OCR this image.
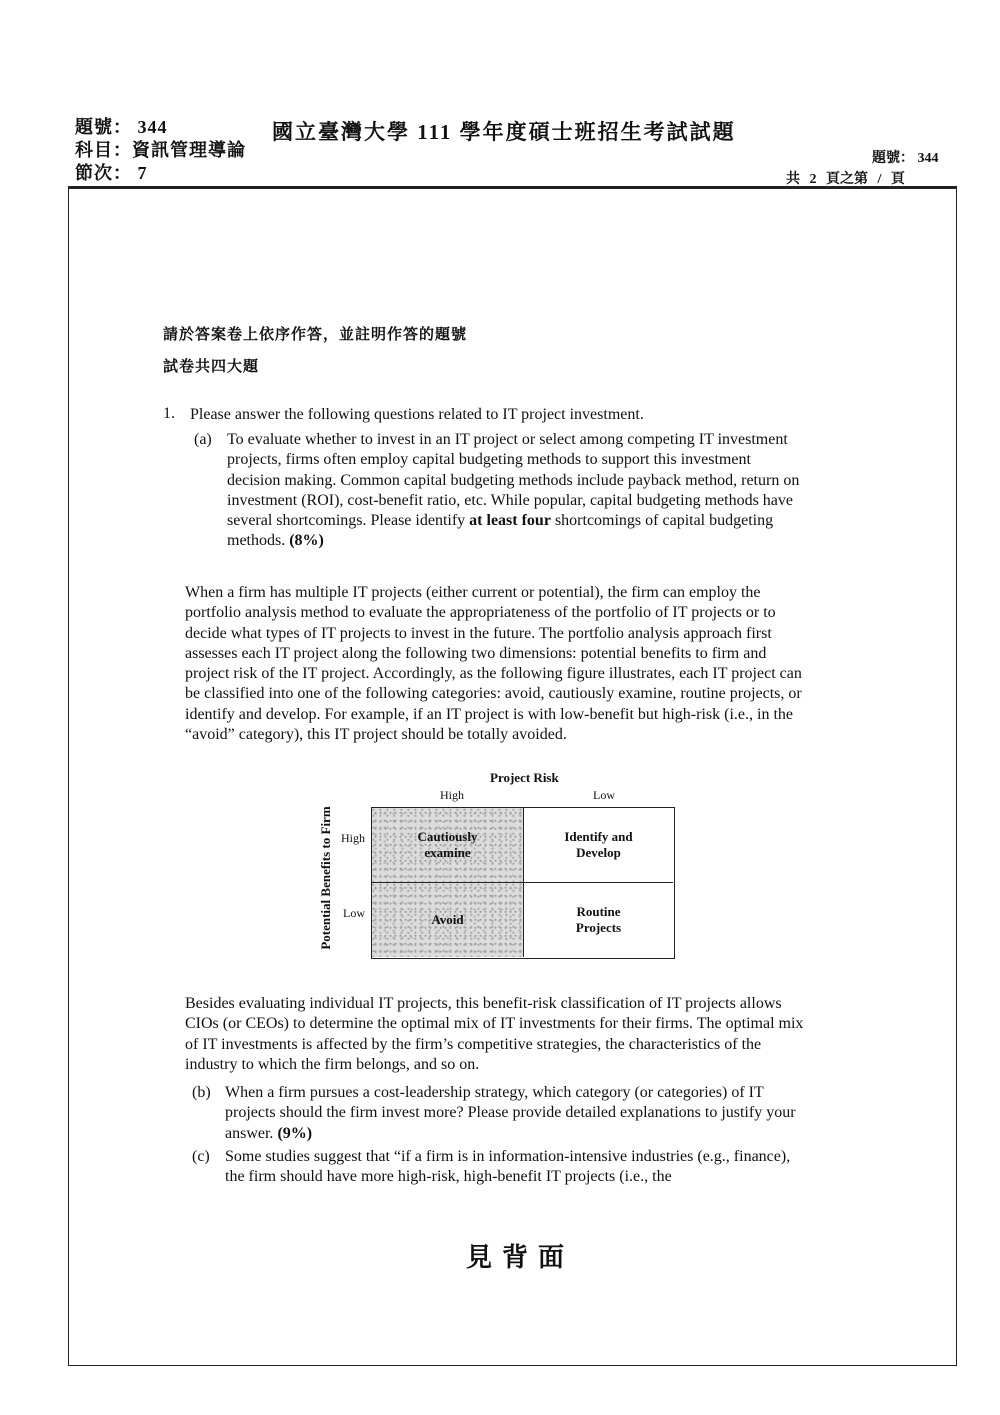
題號： 344
科目：資訊管理導論
節次： 7
國立臺灣大學 111 學年度碩士班招生考試試題
題號： 344
共 2 頁之第 / 頁
請於答案卷上依序作答，並註明作答的題號
試卷共四大題
1. Please answer the following questions related to IT project investment.
(a) To evaluate whether to invest in an IT project or select among competing IT investment projects, firms often employ capital budgeting methods to support this investment decision making. Common capital budgeting methods include payback method, return on investment (ROI), cost-benefit ratio, etc. While popular, capital budgeting methods have several shortcomings. Please identify at least four shortcomings of capital budgeting methods. (8%)
When a firm has multiple IT projects (either current or potential), the firm can employ the portfolio analysis method to evaluate the appropriateness of the portfolio of IT projects or to decide what types of IT projects to invest in the future. The portfolio analysis approach first assesses each IT project along the following two dimensions: potential benefits to firm and project risk of the IT project. Accordingly, as the following figure illustrates, each IT project can be classified into one of the following categories: avoid, cautiously examine, routine projects, or identify and develop. For example, if an IT project is with low-benefit but high-risk (i.e., in the “avoid” category), this IT project should be totally avoided.
Project Risk
High	Low
Potential Benefits to Firm High
Low
Cautiously examine
Identify and Develop
Avoid
Routine Projects
Besides evaluating individual IT projects, this benefit-risk classification of IT projects allows CIOs (or CEOs) to determine the optimal mix of IT investments for their firms. The optimal mix of IT investments is affected by the firm’s competitive strategies, the characteristics of the industry to which the firm belongs, and so on.
(b) When a firm pursues a cost-leadership strategy, which category (or categories) of IT projects should the firm invest more? Please provide detailed explanations to justify your answer. (9%)
(c) Some studies suggest that “if a firm is in information-intensive industries (e.g., finance), the firm should have more high-risk, high-benefit IT projects (i.e., the
見背面
